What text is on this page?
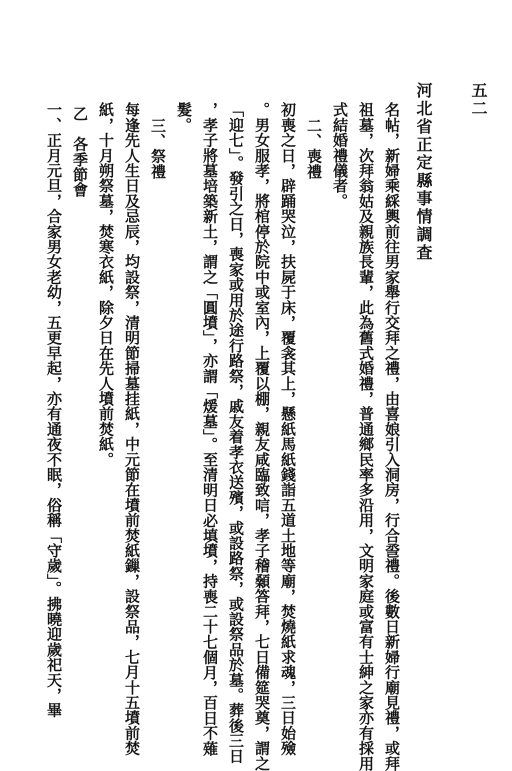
河北省正定縣事情調査 五二
名帖，新婦乘綵輿前往男家舉行交拜之禮，由喜娘引入洞房，行合巹禮。後數日新婦行廟見禮，或拜
祖墓，次拜翁姑及親族長輩，此為舊式婚禮，普通鄉民率多沿用，文明家庭或富有士紳之家亦有採用
式結婚禮儀者。
二、喪禮
初喪之日，辟踊哭泣，扶屍于床，覆衾其上，懸紙馬紙錢詣五道土地等廟，焚燒紙求魂，三日始殮
。男女服孝，將棺停於院中或室內，上覆以棚，親友咸臨致唁，孝子稽顙答拜，七日備筵哭奠，謂之
「迎七」。發引之日，喪家或用於途行路祭，戚友着孝衣送殯，或設路祭，或設祭品於墓。葬後三日
，孝子將墓培築新土，謂之「圓墳」，亦謂「煖墓」。至清明日必填墳，持喪二十七個月，百日不薙
髮。
三、祭禮
每逢先人生日及忌辰，均設祭，清明節掃墓挂紙，中元節在墳前焚紙鏁，設祭品，七月十五墳前焚
紙，十月朔祭墓，焚寒衣紙，除夕日在先人墳前焚紙。
乙　各季節會
一、正月元旦，合家男女老幼，五更早起，亦有通夜不眠，俗稱「守歲」。拂曉迎歲祀天，畢
